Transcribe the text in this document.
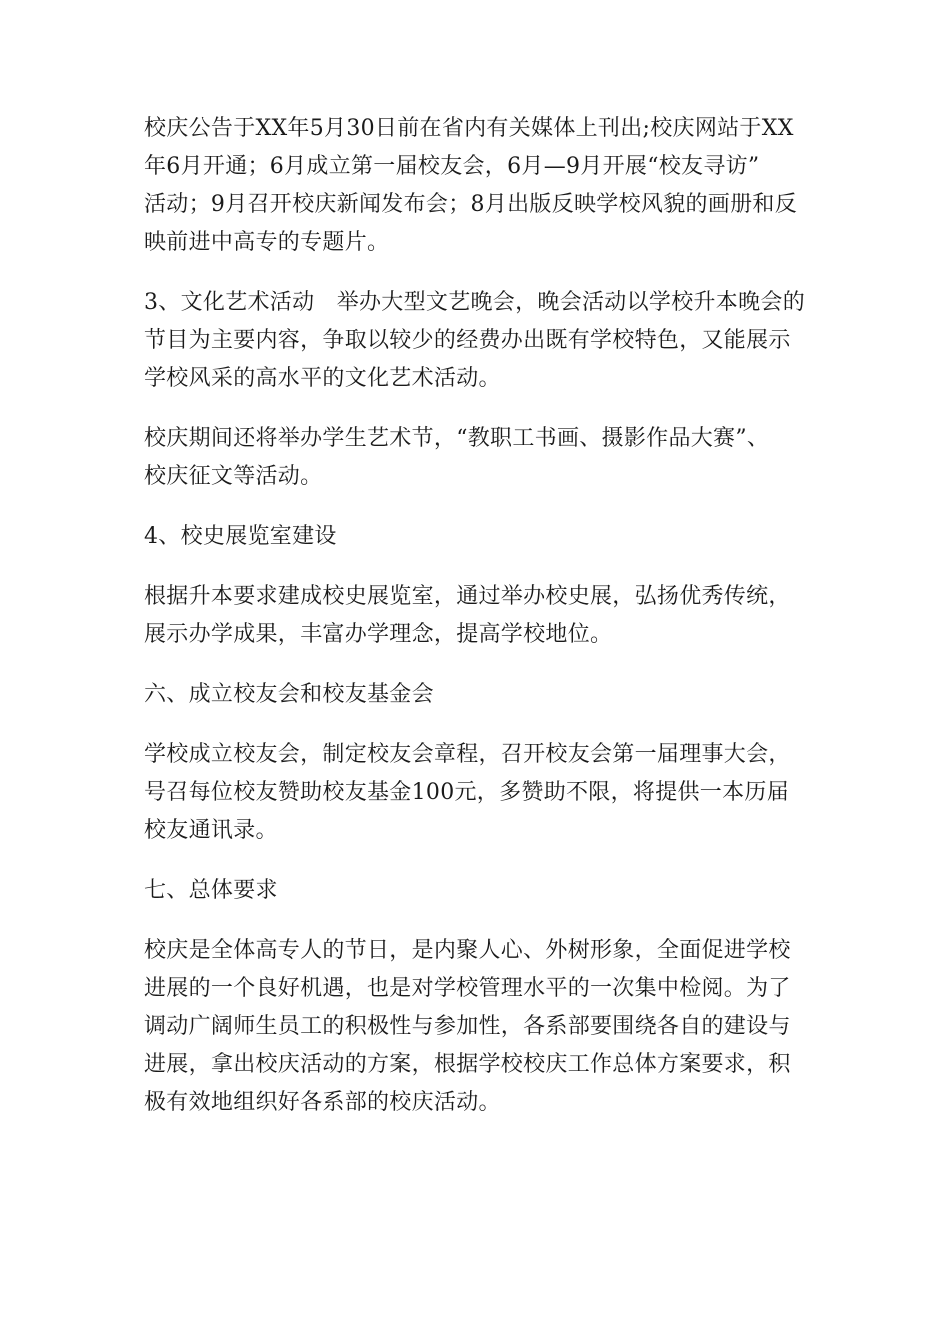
校庆公告于XX年5月30日前在省内有关媒体上刊出;校庆网站于XX
年6月开通；6月成立第一届校友会，6月—9月开展“校友寻访”
活动；9月召开校庆新闻发布会；8月出版反映学校风貌的画册和反
映前进中高专的专题片。

3、文化艺术活动　举办大型文艺晚会，晚会活动以学校升本晚会的
节目为主要内容，争取以较少的经费办出既有学校特色，又能展示
学校风采的高水平的文化艺术活动。

校庆期间还将举办学生艺术节，“教职工书画、摄影作品大赛”、
校庆征文等活动。

4、校史展览室建设

根据升本要求建成校史展览室，通过举办校史展，弘扬优秀传统，
展示办学成果，丰富办学理念，提高学校地位。

六、成立校友会和校友基金会

学校成立校友会，制定校友会章程，召开校友会第一届理事大会，
号召每位校友赞助校友基金100元，多赞助不限，将提供一本历届
校友通讯录。

七、总体要求

校庆是全体高专人的节日，是内聚人心、外树形象，全面促进学校
进展的一个良好机遇，也是对学校管理水平的一次集中检阅。为了
调动广阔师生员工的积极性与参加性，各系部要围绕各自的建设与
进展，拿出校庆活动的方案，根据学校校庆工作总体方案要求，积
极有效地组织好各系部的校庆活动。
